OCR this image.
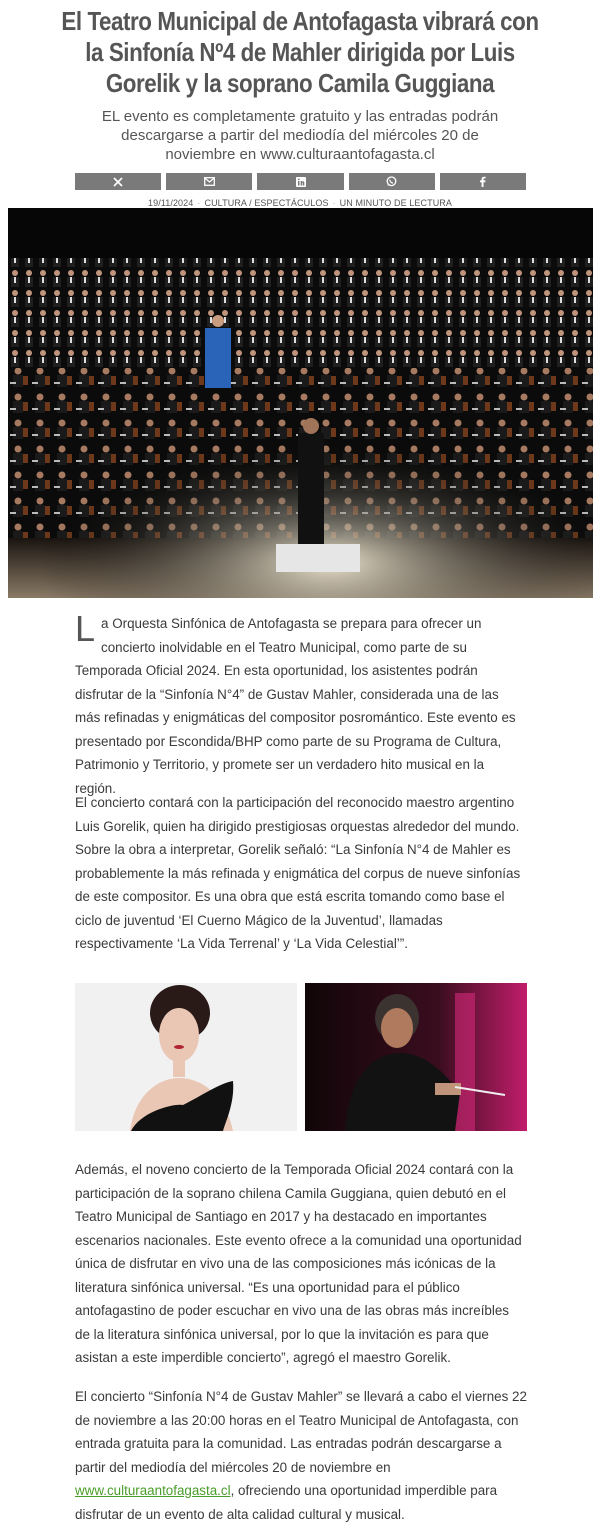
El Teatro Municipal de Antofagasta vibrará con la Sinfonía Nº4 de Mahler dirigida por Luis Gorelik y la soprano Camila Guggiana

EL evento es completamente gratuito y las entradas podrán descargarse a partir del mediodía del miércoles 20 de noviembre en www.culturaantofagasta.cl

19/11/2024 · CULTURA / ESPECTÁCULOS · UN MINUTO DE LECTURA

La Orquesta Sinfónica de Antofagasta se prepara para ofrecer un concierto inolvidable en el Teatro Municipal, como parte de su Temporada Oficial 2024. En esta oportunidad, los asistentes podrán disfrutar de la “Sinfonía N°4” de Gustav Mahler, considerada una de las más refinadas y enigmáticas del compositor posromántico. Este evento es presentado por Escondida/BHP como parte de su Programa de Cultura, Patrimonio y Territorio, y promete ser un verdadero hito musical en la región.

El concierto contará con la participación del reconocido maestro argentino Luis Gorelik, quien ha dirigido prestigiosas orquestas alrededor del mundo. Sobre la obra a interpretar, Gorelik señaló: “La Sinfonía N°4 de Mahler es probablemente la más refinada y enigmática del corpus de nueve sinfonías de este compositor. Es una obra que está escrita tomando como base el ciclo de juventud ‘El Cuerno Mágico de la Juventud’, llamadas respectivamente ‘La Vida Terrenal’ y ‘La Vida Celestial’”.

Además, el noveno concierto de la Temporada Oficial 2024 contará con la participación de la soprano chilena Camila Guggiana, quien debutó en el Teatro Municipal de Santiago en 2017 y ha destacado en importantes escenarios nacionales. Este evento ofrece a la comunidad una oportunidad única de disfrutar en vivo una de las composiciones más icónicas de la literatura sinfónica universal. “Es una oportunidad para el público antofagastino de poder escuchar en vivo una de las obras más increíbles de la literatura sinfónica universal, por lo que la invitación es para que asistan a este imperdible concierto”, agregó el maestro Gorelik.

El concierto “Sinfonía N°4 de Gustav Mahler” se llevará a cabo el viernes 22 de noviembre a las 20:00 horas en el Teatro Municipal de Antofagasta, con entrada gratuita para la comunidad. Las entradas podrán descargarse a partir del mediodía del miércoles 20 de noviembre en www.culturaantofagasta.cl, ofreciendo una oportunidad imperdible para disfrutar de un evento de alta calidad cultural y musical.
